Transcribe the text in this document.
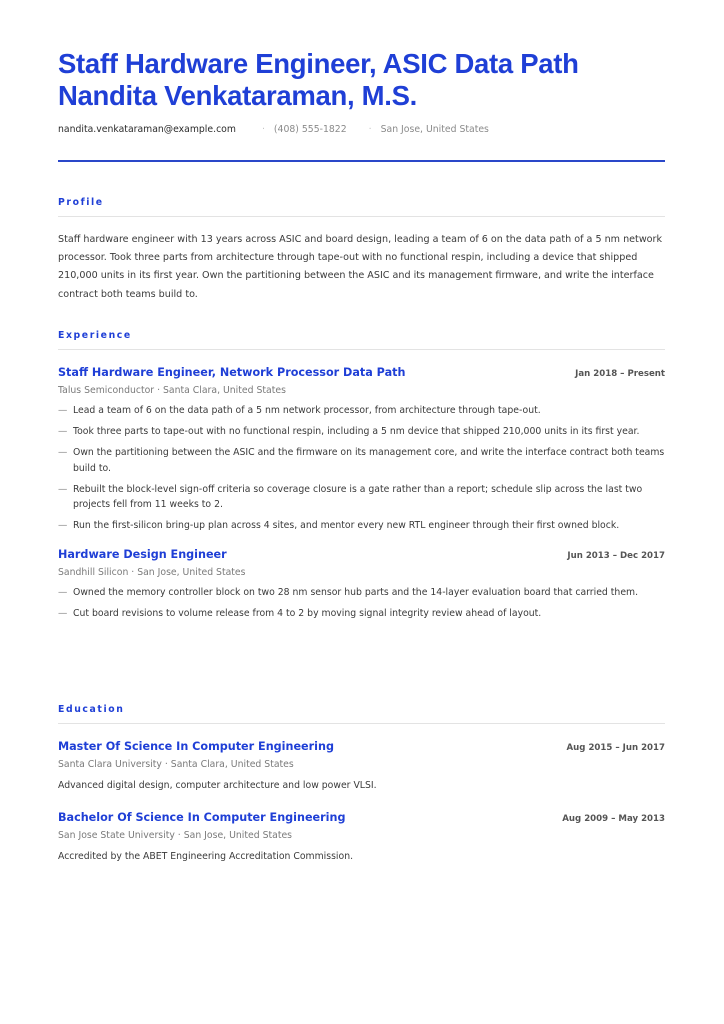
Staff Hardware Engineer, ASIC Data Path
Nandita Venkataraman, M.S.
nandita.venkataraman@example.com	· (408) 555-1822 · San Jose, United States
Profile
Staff hardware engineer with 13 years across ASIC and board design, leading a team of 6 on the data path of a 5 nm network processor. Took three parts from architecture through tape-out with no functional respin, including a device that shipped 210,000 units in its first year. Own the partitioning between the ASIC and its management firmware, and write the interface contract both teams build to.
Experience
Staff Hardware Engineer, Network Processor Data Path	Jan 2018 – Present
Talus Semiconductor · Santa Clara, United States
— Lead a team of 6 on the data path of a 5 nm network processor, from architecture through tape-out.
— Took three parts to tape-out with no functional respin, including a 5 nm device that shipped 210,000 units in its first year.
— Own the partitioning between the ASIC and the firmware on its management core, and write the interface contract both teams build to.
— Rebuilt the block-level sign-off criteria so coverage closure is a gate rather than a report; schedule slip across the last two projects fell from 11 weeks to 2.
— Run the first-silicon bring-up plan across 4 sites, and mentor every new RTL engineer through their first owned block.
Hardware Design Engineer	Jun 2013 – Dec 2017
Sandhill Silicon · San Jose, United States
— Owned the memory controller block on two 28 nm sensor hub parts and the 14-layer evaluation board that carried them.
— Cut board revisions to volume release from 4 to 2 by moving signal integrity review ahead of layout.
Education
Master Of Science In Computer Engineering	Aug 2015 – Jun 2017
Santa Clara University · Santa Clara, United States
Advanced digital design, computer architecture and low power VLSI.
Bachelor Of Science In Computer Engineering	Aug 2009 – May 2013
San Jose State University · San Jose, United States
Accredited by the ABET Engineering Accreditation Commission.
